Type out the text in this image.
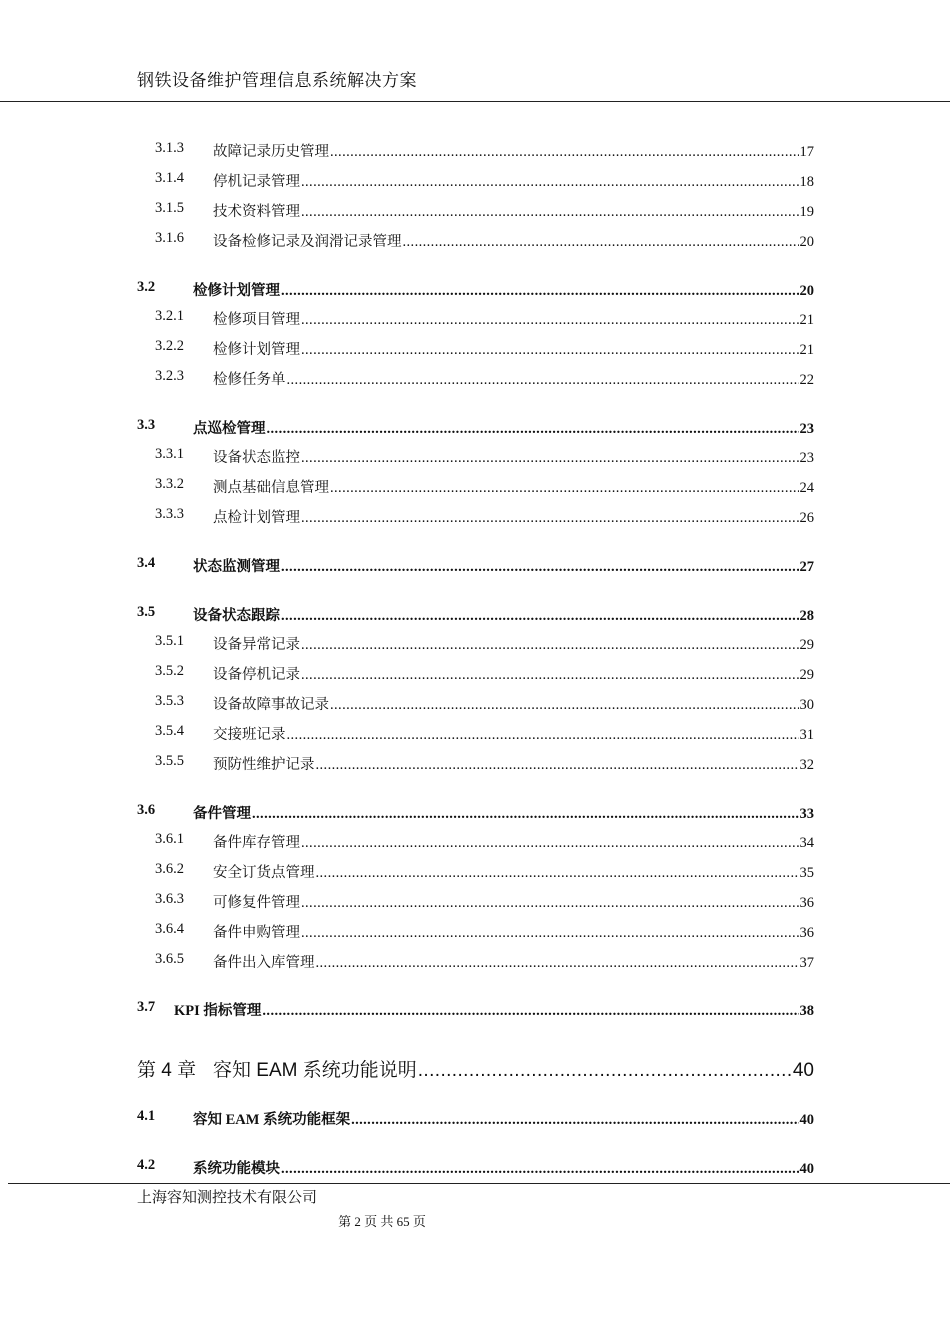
钢铁设备维护管理信息系统解决方案
3.1.3 故障记录历史管理 .....	17
3.1.4 停机记录管理 .....	18
3.1.5 技术资料管理 .....	19
3.1.6 设备检修记录及润滑记录管理 .....	20
3.2	检修计划管理 .....	20
3.2.1 检修项目管理 .....	21
3.2.2 检修计划管理 .....	21
3.2.3 检修任务单 .....	22
3.3	点巡检管理 .....	23
3.3.1 设备状态监控 .....	23
3.3.2 测点基础信息管理 .....	24
3.3.3 点检计划管理 .....	26
3.4	状态监测管理 .....	27
3.5	设备状态跟踪 .....	28
3.5.1 设备异常记录 .....	29
3.5.2 设备停机记录 .....	29
3.5.3 设备故障事故记录 .....	30
3.5.4 交接班记录 .....	31
3.5.5 预防性维护记录 .....	32
3.6	备件管理 .....	33
3.6.1 备件库存管理 .....	34
3.6.2 安全订货点管理 .....	35
3.6.3 可修复件管理 .....	36
3.6.4 备件申购管理 .....	36
3.6.5 备件出入库管理 .....	37
3.7 KPI 指标管理 .....	38
第 4 章 容知 EAM 系统功能说明 .....	40
4.1	容知 EAM 系统功能框架 .....	40
4.2	系统功能模块 .....	40
上海容知测控技术有限公司
第 2 页 共 65 页
